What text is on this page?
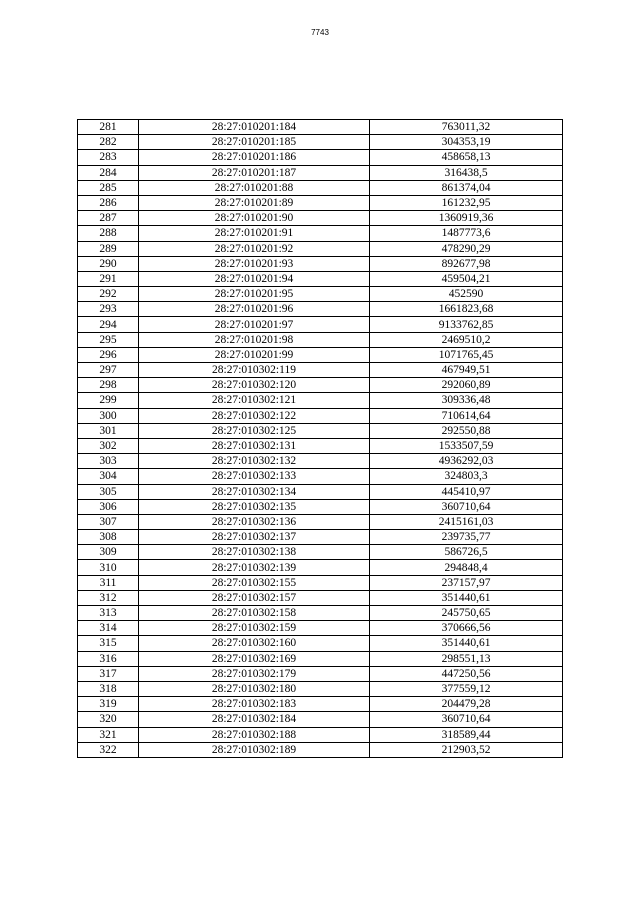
7743
281	28:27:010201:184	763011,32
282	28:27:010201:185	304353,19
283	28:27:010201:186	458658,13
284	28:27:010201:187	316438,5
285	28:27:010201:88	861374,04
286	28:27:010201:89	161232,95
287	28:27:010201:90	1360919,36
288	28:27:010201:91	1487773,6
289	28:27:010201:92	478290,29
290	28:27:010201:93	892677,98
291	28:27:010201:94	459504,21
292	28:27:010201:95	452590
293	28:27:010201:96	1661823,68
294	28:27:010201:97	9133762,85
295	28:27:010201:98	2469510,2
296	28:27:010201:99	1071765,45
297	28:27:010302:119	467949,51
298	28:27:010302:120	292060,89
299	28:27:010302:121	309336,48
300	28:27:010302:122	710614,64
301	28:27:010302:125	292550,88
302	28:27:010302:131	1533507,59
303	28:27:010302:132	4936292,03
304	28:27:010302:133	324803,3
305	28:27:010302:134	445410,97
306	28:27:010302:135	360710,64
307	28:27:010302:136	2415161,03
308	28:27:010302:137	239735,77
309	28:27:010302:138	586726,5
310	28:27:010302:139	294848,4
311	28:27:010302:155	237157,97
312	28:27:010302:157	351440,61
313	28:27:010302:158	245750,65
314	28:27:010302:159	370666,56
315	28:27:010302:160	351440,61
316	28:27:010302:169	298551,13
317	28:27:010302:179	447250,56
318	28:27:010302:180	377559,12
319	28:27:010302:183	204479,28
320	28:27:010302:184	360710,64
321	28:27:010302:188	318589,44
322	28:27:010302:189	212903,52
